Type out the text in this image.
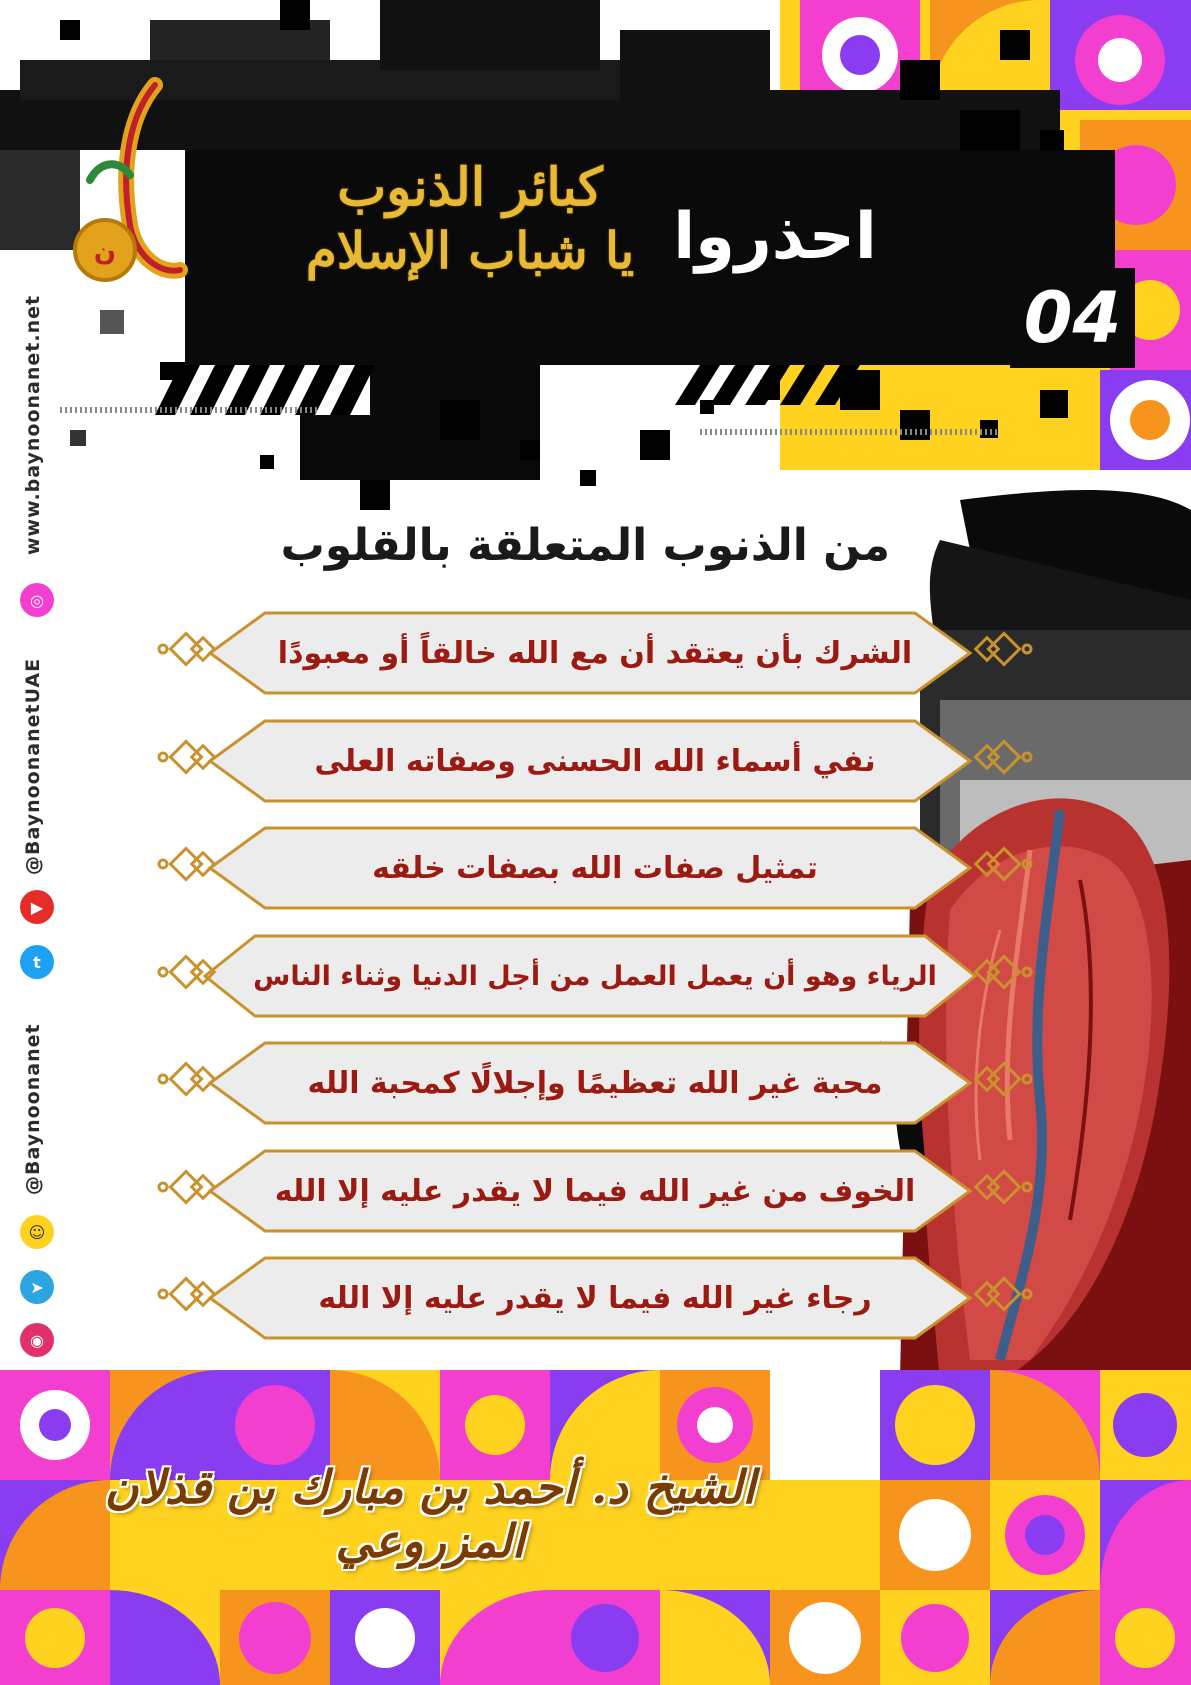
ن	احذروا
كبائر الذنوب
يا شباب الإسلام
04
www.baynoonanet.net
◎
@BaynoonanetUAE
▶
t
@Baynoonanet
☺
➤
◉
من الذنوب المتعلقة بالقلوب
الشرك بأن يعتقد أن مع الله خالقاً أو معبودًا
نفي أسماء الله الحسنى وصفاته العلى
تمثيل صفات الله بصفات خلقه
الرياء وهو أن يعمل العمل من أجل الدنيا وثناء الناس
محبة غير الله تعظيمًا وإجلالًا كمحبة الله
الخوف من غير الله فيما لا يقدر عليه إلا الله
رجاء غير الله فيما لا يقدر عليه إلا الله
الشيخ د. أحمد بن مبارك بن قذلان المزروعي
